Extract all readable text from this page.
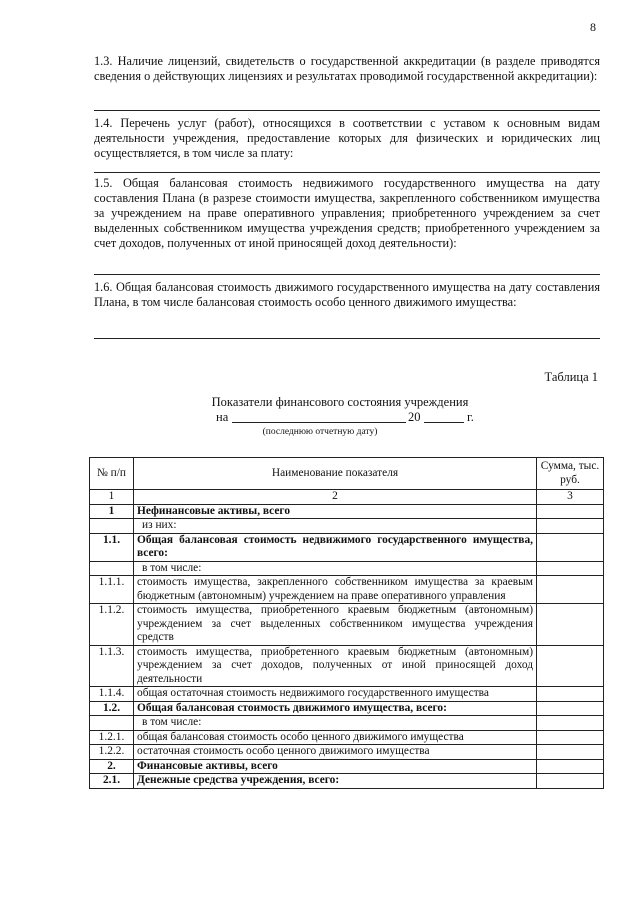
8
1.3. Наличие лицензий, свидетельств о государственной аккредитации (в разделе приводятся сведения о действующих лицензиях и результатах проводимой государственной аккредитации):
1.4. Перечень услуг (работ), относящихся в соответствии с уставом к основным видам деятельности учреждения, предоставление которых для физических и юридических лиц осуществляется, в том числе за плату:
1.5. Общая балансовая стоимость недвижимого государственного имущества на дату составления Плана (в разрезе стоимости имущества, закрепленного собственником имущества за учреждением на праве оперативного управления; приобретенного учреждением за счет выделенных собственником имущества учреждения средств; приобретенного учреждением за счет доходов, полученных от иной приносящей доход деятельности):
1.6. Общая балансовая стоимость движимого государственного имущества на дату составления Плана, в том числе балансовая стоимость особо ценного движимого имущества:
Таблица 1
Показатели финансового состояния учреждения
на	20	г.
(последнюю отчетную дату)
№ п/п	Наименование показателя	Сумма, тыс. руб.
1	2	3
1	Нефинансовые активы, всего	
	из них:	
1.1.	Общая балансовая стоимость недвижимого государственного имущества, всего:	
	в том числе:	
1.1.1.	стоимость имущества, закрепленного собственником имущества за краевым бюджетным (автономным) учреждением на праве оперативного управления	
1.1.2.	стоимость имущества, приобретенного краевым бюджетным (автономным) учреждением за счет выделенных собственником имущества учреждения средств	
1.1.3.	стоимость имущества, приобретенного краевым бюджетным (автономным) учреждением за счет доходов, полученных от иной приносящей доход деятельности	
1.1.4.	общая остаточная стоимость недвижимого государственного имущества	
1.2.	Общая балансовая стоимость движимого имущества, всего:	
	в том числе:	
1.2.1.	общая балансовая стоимость особо ценного движимого имущества	
1.2.2.	остаточная стоимость особо ценного движимого имущества	
2.	Финансовые активы, всего	
2.1.	Денежные средства учреждения, всего:	
